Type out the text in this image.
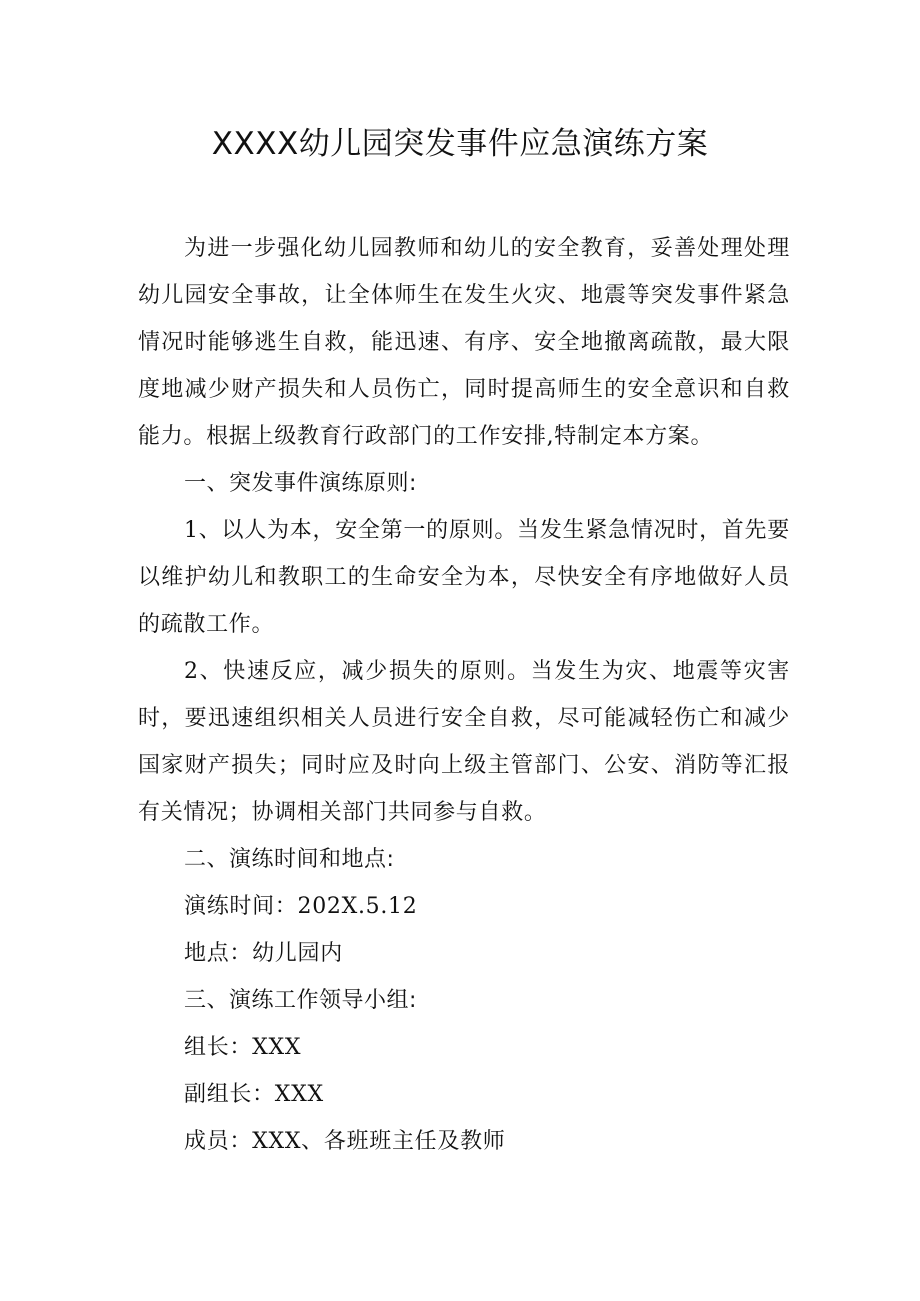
XXXX幼儿园突发事件应急演练方案

为进一步强化幼儿园教师和幼儿的安全教育，妥善处理处理幼儿园安全事故，让全体师生在发生火灾、地震等突发事件紧急情况时能够逃生自救，能迅速、有序、安全地撤离疏散，最大限度地减少财产损失和人员伤亡，同时提高师生的安全意识和自救能力。根据上级教育行政部门的工作安排,特制定本方案。

一、突发事件演练原则:

1、以人为本，安全第一的原则。当发生紧急情况时，首先要以维护幼儿和教职工的生命安全为本，尽快安全有序地做好人员的疏散工作。

2、快速反应，减少损失的原则。当发生为灾、地震等灾害时，要迅速组织相关人员进行安全自救，尽可能减轻伤亡和减少国家财产损失；同时应及时向上级主管部门、公安、消防等汇报有关情况；协调相关部门共同参与自救。

二、演练时间和地点:

演练时间：202X.5.12

地点：幼儿园内

三、演练工作领导小组:

组长：XXX

副组长：XXX

成员：XXX、各班班主任及教师
